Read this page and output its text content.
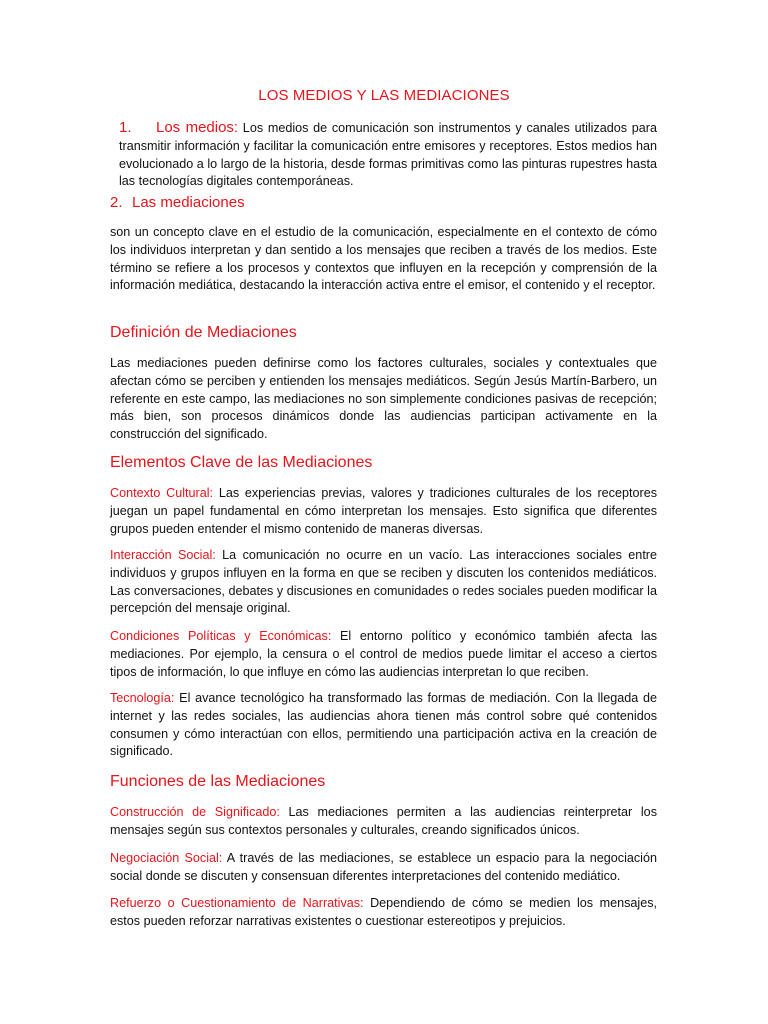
LOS MEDIOS Y LAS MEDIACIONES

1. Los medios: Los medios de comunicación son instrumentos y canales utilizados para transmitir información y facilitar la comunicación entre emisores y receptores. Estos medios han evolucionado a lo largo de la historia, desde formas primitivas como las pinturas rupestres hasta las tecnologías digitales contemporáneas.

2. Las mediaciones

son un concepto clave en el estudio de la comunicación, especialmente en el contexto de cómo los individuos interpretan y dan sentido a los mensajes que reciben a través de los medios. Este término se refiere a los procesos y contextos que influyen en la recepción y comprensión de la información mediática, destacando la interacción activa entre el emisor, el contenido y el receptor.

Definición de Mediaciones

Las mediaciones pueden definirse como los factores culturales, sociales y contextuales que afectan cómo se perciben y entienden los mensajes mediáticos. Según Jesús Martín-Barbero, un referente en este campo, las mediaciones no son simplemente condiciones pasivas de recepción; más bien, son procesos dinámicos donde las audiencias participan activamente en la construcción del significado.

Elementos Clave de las Mediaciones

Contexto Cultural: Las experiencias previas, valores y tradiciones culturales de los receptores juegan un papel fundamental en cómo interpretan los mensajes. Esto significa que diferentes grupos pueden entender el mismo contenido de maneras diversas.

Interacción Social: La comunicación no ocurre en un vacío. Las interacciones sociales entre individuos y grupos influyen en la forma en que se reciben y discuten los contenidos mediáticos. Las conversaciones, debates y discusiones en comunidades o redes sociales pueden modificar la percepción del mensaje original.

Condiciones Políticas y Económicas: El entorno político y económico también afecta las mediaciones. Por ejemplo, la censura o el control de medios puede limitar el acceso a ciertos tipos de información, lo que influye en cómo las audiencias interpretan lo que reciben.

Tecnología: El avance tecnológico ha transformado las formas de mediación. Con la llegada de internet y las redes sociales, las audiencias ahora tienen más control sobre qué contenidos consumen y cómo interactúan con ellos, permitiendo una participación activa en la creación de significado.

Funciones de las Mediaciones

Construcción de Significado: Las mediaciones permiten a las audiencias reinterpretar los mensajes según sus contextos personales y culturales, creando significados únicos.

Negociación Social: A través de las mediaciones, se establece un espacio para la negociación social donde se discuten y consensuan diferentes interpretaciones del contenido mediático.

Refuerzo o Cuestionamiento de Narrativas: Dependiendo de cómo se medien los mensajes, estos pueden reforzar narrativas existentes o cuestionar estereotipos y prejuicios.
